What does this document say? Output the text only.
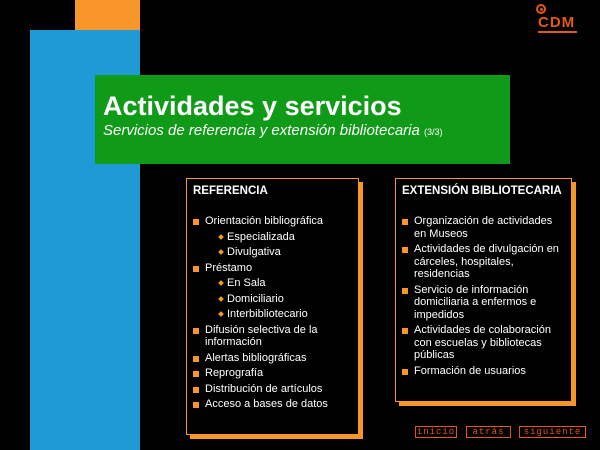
CDM
Actividades y servicios
Servicios de referencia y extensión bibliotecaria (3/3)
REFERENCIA
Orientación bibliográfica
Especializada
Divulgativa
Préstamo
En Sala
Domiciliario
Interbibliotecario
Difusión selectiva de la información
Alertas bibliográficas
Reprografía
Distribución de artículos
Acceso a bases de datos
EXTENSIÓN BIBLIOTECARIA
Organización de actividades en Museos
Actividades de divulgación en cárceles, hospitales, residencias
Servicio de información domiciliaria a enfermos e impedidos
Actividades de colaboración con escuelas y bibliotecas públicas
Formación de usuarios
inicio	atrás	siguiente
